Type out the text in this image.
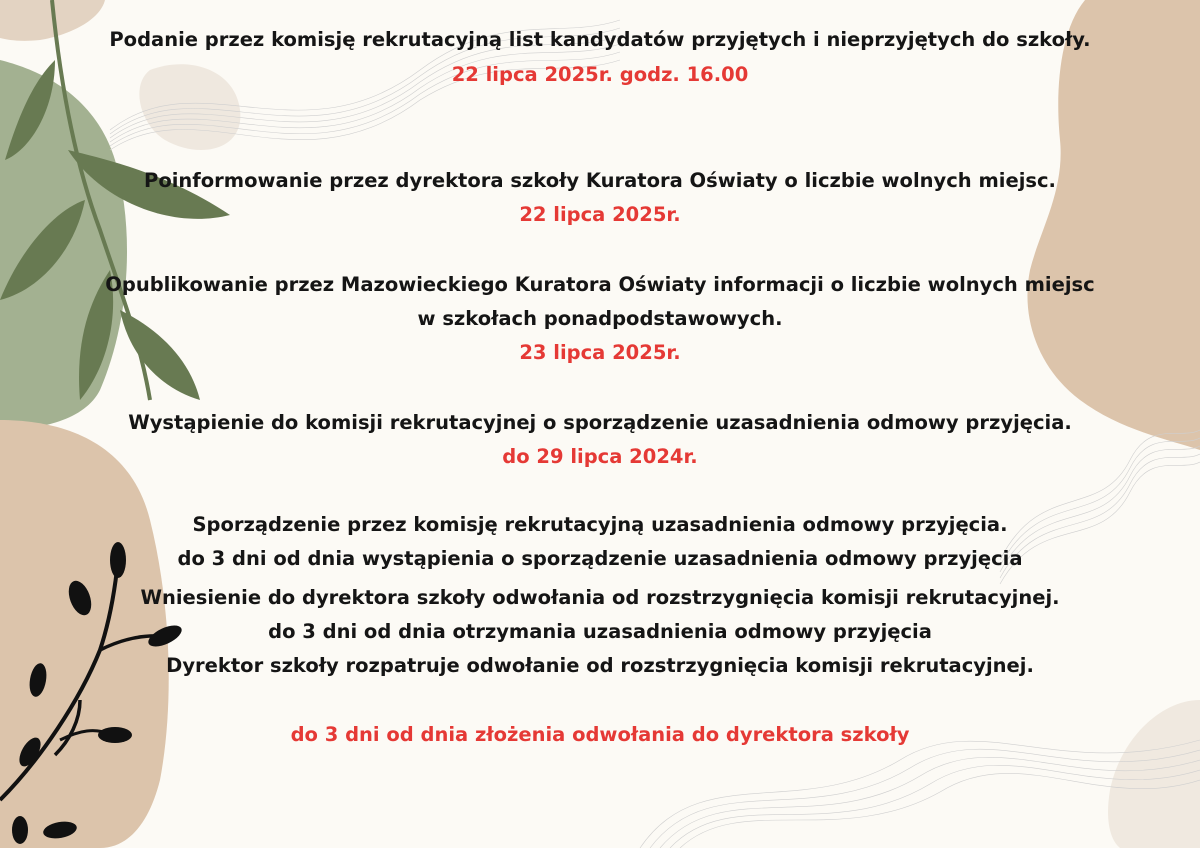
Podanie przez komisję rekrutacyjną list kandydatów przyjętych i nieprzyjętych do szkoły.
22 lipca 2025r. godz. 16.00
Poinformowanie przez dyrektora szkoły Kuratora Oświaty o liczbie wolnych miejsc.
22 lipca 2025r.
Opublikowanie przez Mazowieckiego Kuratora Oświaty informacji o liczbie wolnych miejsc
w szkołach ponadpodstawowych.
23 lipca 2025r.
Wystąpienie do komisji rekrutacyjnej o sporządzenie uzasadnienia odmowy przyjęcia.
do 29 lipca 2024r.
Sporządzenie przez komisję rekrutacyjną uzasadnienia odmowy przyjęcia.
do 3 dni od dnia wystąpienia o sporządzenie uzasadnienia odmowy przyjęcia
Wniesienie do dyrektora szkoły odwołania od rozstrzygnięcia komisji rekrutacyjnej.
do 3 dni od dnia otrzymania uzasadnienia odmowy przyjęcia
Dyrektor szkoły rozpatruje odwołanie od rozstrzygnięcia komisji rekrutacyjnej.
do 3 dni od dnia złożenia odwołania do dyrektora szkoły
